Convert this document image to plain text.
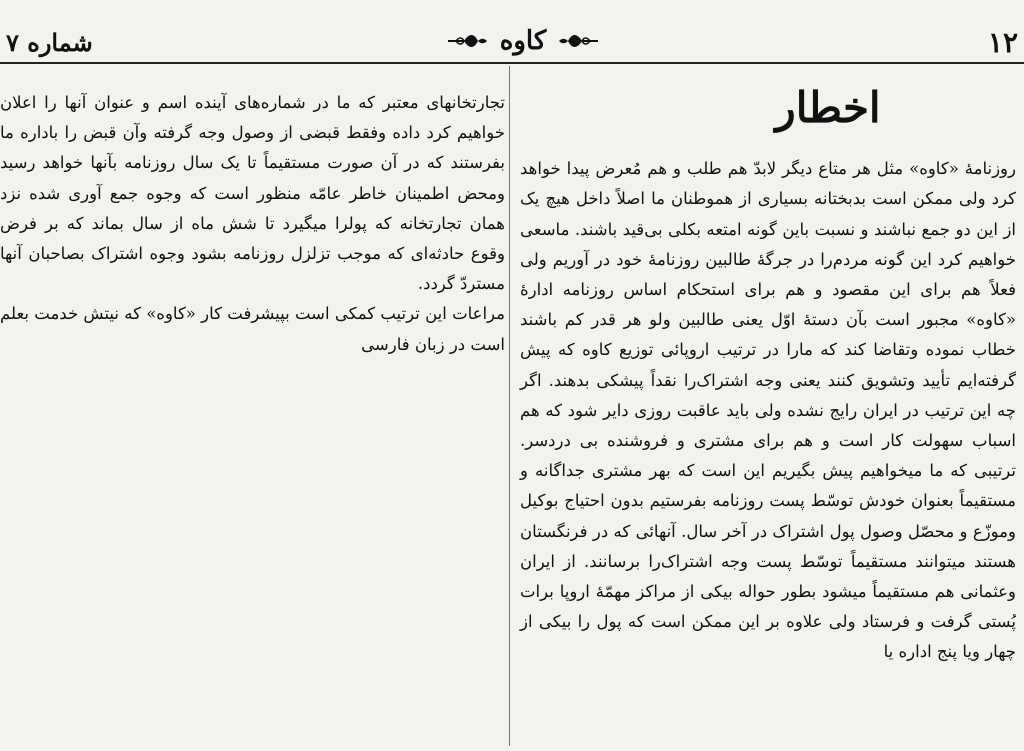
۱۲
کاوه
شماره ۷
اخطار

روزنامهٔ «کاوه» مثل هر متاع دیگر لابدّ هم طلب و هم مُعرض پیدا خواهد کرد ولی ممکن است بدبختانه بسیاری از هموطنان ما اصلاً داخل هیچ یک از این دو جمع نباشند و نسبت باین گونه امتعه بکلی بی‌قید باشند. ماسعی خواهیم کرد این گونه مردم‌را در جرگهٔ طالبین روزنامهٔ خود در آوریم ولی فعلاً هم برای این مقصود و هم برای استحکام اساس روزنامه ادارهٔ «کاوه» مجبور است بآن دستهٔ اوّل یعنی طالبین ولو هر قدر کم باشند خطاب نموده وتقاضا کند که مارا در ترتیب اروپائی توزیع کاوه که پیش گرفته‌ایم تأیید وتشویق کنند یعنی وجه اشتراک‌را نقداً پیشکی بدهند. اگر چه این ترتیب در ایران رایج نشده ولی باید عاقبت روزی دایر شود که هم اسباب سهولت کار است و هم برای مشتری و فروشنده بی دردسر. ترتیبی که ما میخواهیم پیش بگیریم این است که بهر مشتری جداگانه و مستقیماً بعنوان خودش توسّط پست روزنامه بفرستیم بدون احتیاج بوکیل وموزّع و محصّل وصول پول اشتراک در آخر سال. آنهائی که در فرنگستان هستند میتوانند مستقیماً توسّط پست وجه اشتراک‌را برسانند. از ایران وعثمانی هم مستقیماً میشود بطور حواله بیکی از مراکز مهمّهٔ اروپا برات پُستی گرفت و فرستاد ولی علاوه بر این ممکن است که پول را بیکی از چهار ویا پنج اداره یا

تجارتخانهای معتبر که ما در شماره‌های آینده اسم و عنوان آنها را اعلان خواهیم کرد داده وفقط قبضی از وصول وجه گرفته وآن قبض را باداره ما بفرستند که در آن صورت مستقیماً تا یک سال روزنامه بآنها خواهد رسید ومحض اطمینان خاطر عامّه منظور است که وجوه جمع آوری شده نزد همان تجارتخانه که پولرا میگیرد تا شش ماه از سال بماند که بر فرض وقوع حادثه‌ای که موجب تزلزل روزنامه بشود وجوه اشتراک بصاحبان آنها مستردّ گردد.

مراعات این ترتیب کمکی است بپیشرفت کار «کاوه» که نیتش خدمت بعلم است در زبان فارسی
